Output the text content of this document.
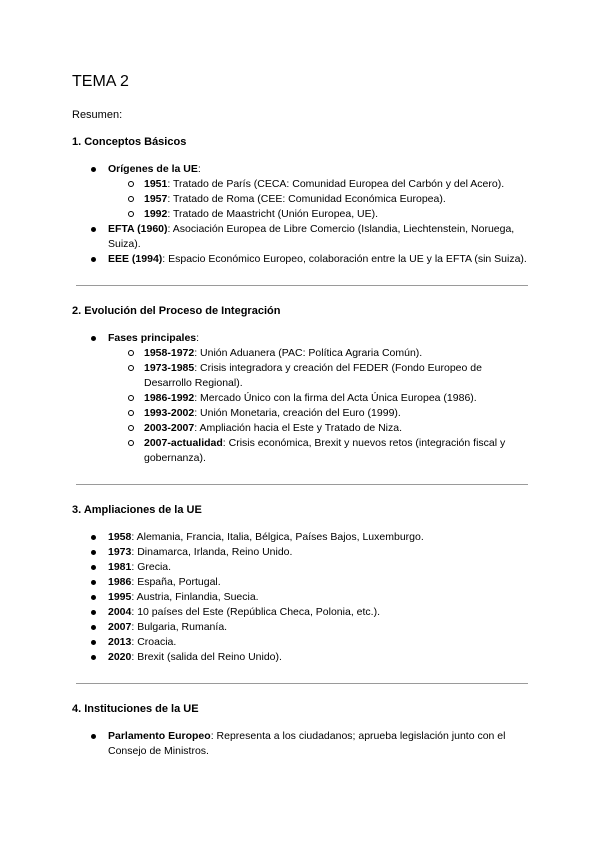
TEMA 2

Resumen:

1. Conceptos Básicos
Orígenes de la UE:
1951: Tratado de París (CECA: Comunidad Europea del Carbón y del Acero).
1957: Tratado de Roma (CEE: Comunidad Económica Europea).
1992: Tratado de Maastricht (Unión Europea, UE).
EFTA (1960): Asociación Europea de Libre Comercio (Islandia, Liechtenstein, Noruega, Suiza).
EEE (1994): Espacio Económico Europeo, colaboración entre la UE y la EFTA (sin Suiza).
2. Evolución del Proceso de Integración
Fases principales:
1958-1972: Unión Aduanera (PAC: Política Agraria Común).
1973-1985: Crisis integradora y creación del FEDER (Fondo Europeo de Desarrollo Regional).
1986-1992: Mercado Único con la firma del Acta Única Europea (1986).
1993-2002: Unión Monetaria, creación del Euro (1999).
2003-2007: Ampliación hacia el Este y Tratado de Niza.
2007-actualidad: Crisis económica, Brexit y nuevos retos (integración fiscal y gobernanza).
3. Ampliaciones de la UE
1958: Alemania, Francia, Italia, Bélgica, Países Bajos, Luxemburgo.
1973: Dinamarca, Irlanda, Reino Unido.
1981: Grecia.
1986: España, Portugal.
1995: Austria, Finlandia, Suecia.
2004: 10 países del Este (República Checa, Polonia, etc.).
2007: Bulgaria, Rumanía.
2013: Croacia.
2020: Brexit (salida del Reino Unido).
4. Instituciones de la UE
Parlamento Europeo: Representa a los ciudadanos; aprueba legislación junto con el Consejo de Ministros.
